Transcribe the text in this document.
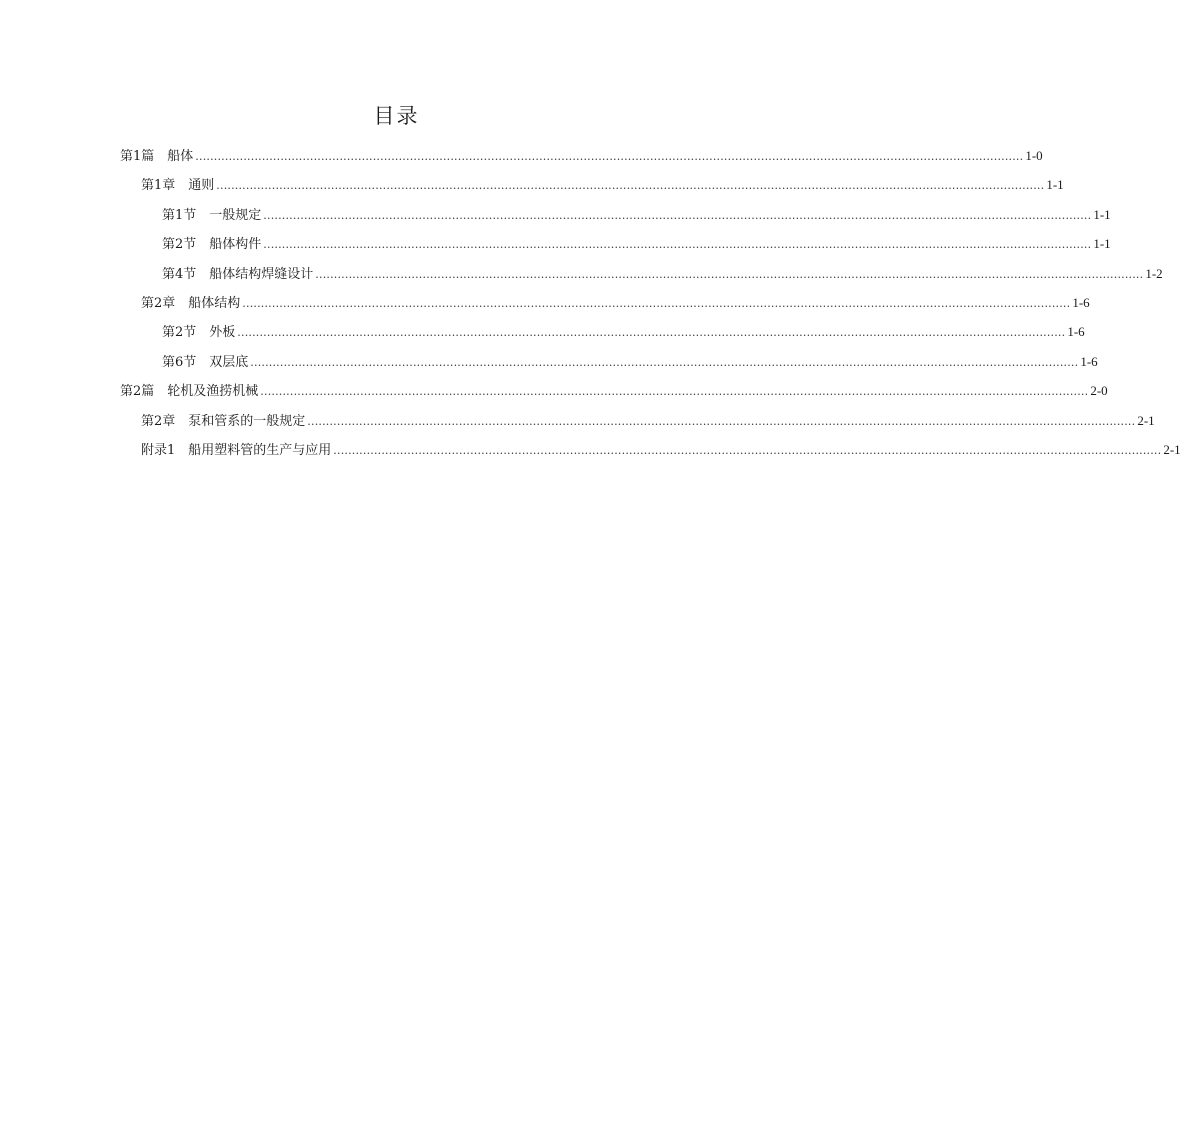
目录
第1篇 船体 ................................................................................................................................................................................................................................ 1-0
第1章 通则 ................................................................................................................................................................................................................................ 1-1
第1节 一般规定 ................................................................................................................................................................................................................................ 1-1
第2节 船体构件 ................................................................................................................................................................................................................................ 1-1
第4节 船体结构焊缝设计 ................................................................................................................................................................................................................................ 1-2
第2章 船体结构 ................................................................................................................................................................................................................................ 1-6
第2节 外板 ................................................................................................................................................................................................................................ 1-6
第6节 双层底 ................................................................................................................................................................................................................................ 1-6
第2篇 轮机及渔捞机械 ................................................................................................................................................................................................................................ 2-0
第2章 泵和管系的一般规定 ................................................................................................................................................................................................................................ 2-1
附录1 船用塑料管的生产与应用 ................................................................................................................................................................................................................................ 2-1
